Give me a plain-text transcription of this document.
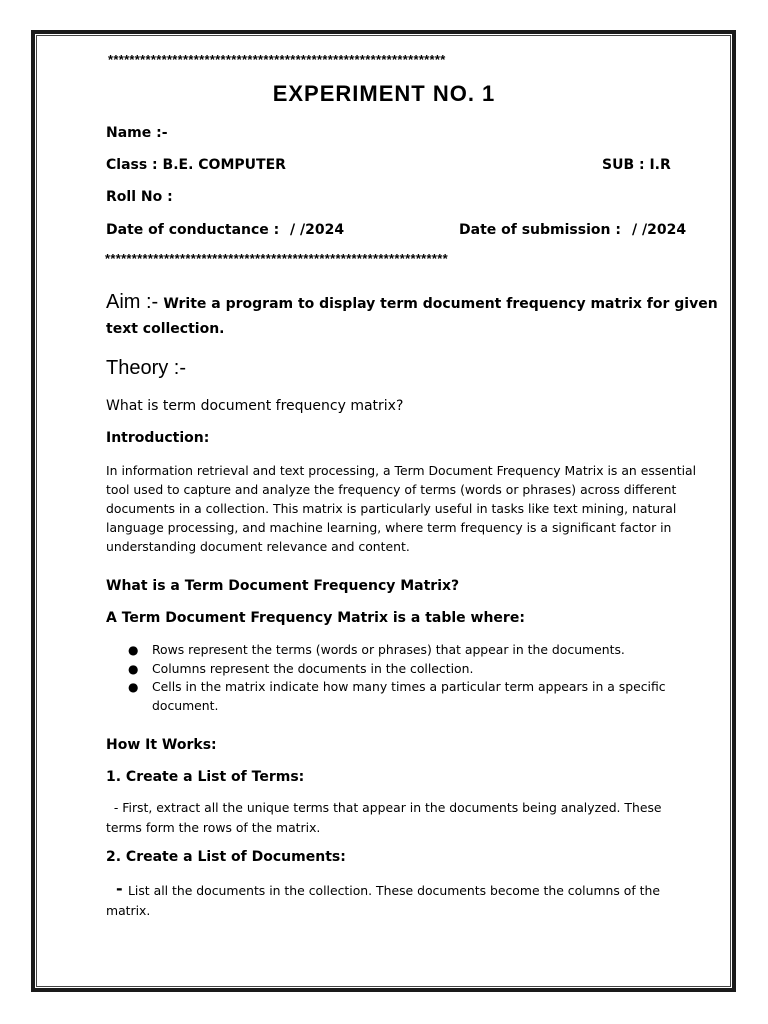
***************************************************************
EXPERIMENT NO. 1
Name :-
Class : B.E. COMPUTER	SUB : I.R
Roll No :
Date of conductance : / /2024	Date of submission : / /2024
****************************************************************
Aim :- Write a program to display term document frequency matrix for given
text collection.
Theory :-
What is term document frequency matrix?
Introduction:
In information retrieval and text processing, a Term Document Frequency Matrix is an essential
tool used to capture and analyze the frequency of terms (words or phrases) across different
documents in a collection. This matrix is particularly useful in tasks like text mining, natural
language processing, and machine learning, where term frequency is a significant factor in
understanding document relevance and content.
What is a Term Document Frequency Matrix?
A Term Document Frequency Matrix is a table where:
● Rows represent the terms (words or phrases) that appear in the documents.
● Columns represent the documents in the collection.
● Cells in the matrix indicate how many times a particular term appears in a specific
document.
How It Works:
1. Create a List of Terms:
- First, extract all the unique terms that appear in the documents being analyzed. These
terms form the rows of the matrix.
2. Create a List of Documents:
- List all the documents in the collection. These documents become the columns of the
matrix.
